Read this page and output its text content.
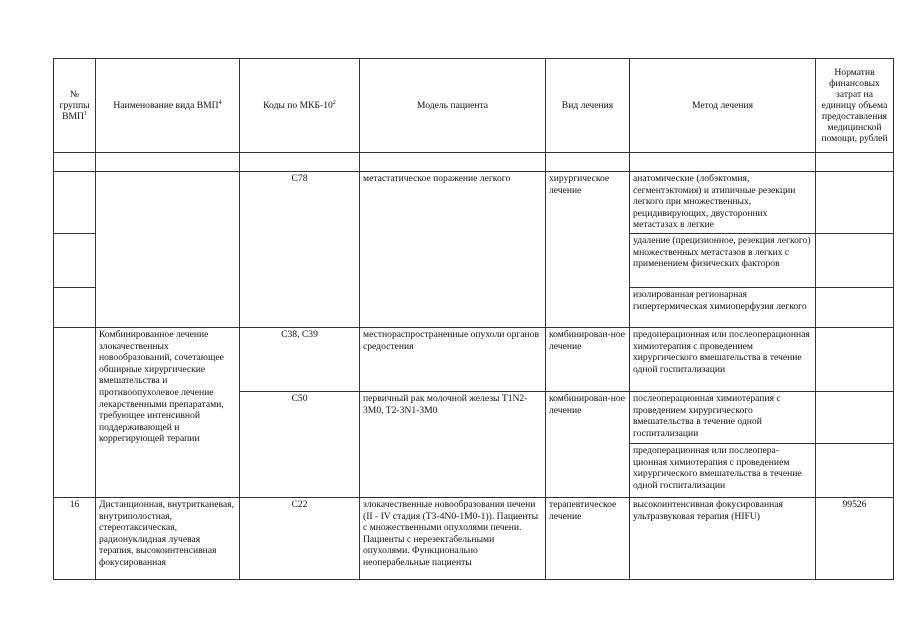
№ группы ВМП$^1$	Наименование вида ВМП$^4$	Коды по МКБ-$10^2$	Модель пациента	Вид лечения	Метод лечения	Норматив финансовых затрат на единицу объема предоставления медицинской помощи, рублей

		C78	метастатическое поражение легкого	хирургическое лечение	анатомические (лобэктомия, сегментэктомия) и атипичные резекции легкого при множественных, рецидивирующих, двусторонних метастазах в легкие	
					удаление (прецизионное, резекция легкого) множественных метастазов в легких с применением физических факторов	
					изолированная регионарная гипертермическая химиоперфузия легкого	
	Комбинированное лечение злокачественных новообразований, сочетающее обширные хирургические вмешательства и противоопухолевое лечение лекарственными препаратами, требующее интенсивной поддерживающей и коррегирующей терапии	C38, C39	местнораспространенные опухоли органов средостения	комбинирован-ное лечение	предоперационная или послеоперационная химиотерапия с проведением хирургического вмешательства в течение одной госпитализации	
		C50	первичный рак молочной железы T1N2-3M0, T2-3N1-3M0	комбинирован-ное лечение	послеоперационная химиотерапия с проведением хирургического вмешательства в течение одной госпитализации	
					предоперационная или послеопера-ционная химиотерапия с проведением хирургического вмешательства в течение одной госпитализации	
16	Дистанционная, внутритканевая, внутриполостная, стереотаксическая, радионуклидная лучевая терапия, высокоинтенсивная фокусированная	C22	злокачественные новообразования печени (II - IV стадия (T3-4N0-1M0-1)). Пациенты с множественными опухолями печени. Пациенты с нерезектабельными опухолями. Функционально неоперабельные пациенты	терапевтическое лечение	высокоинтенсивная фокусированная ультразвуковая терапия (HIFU)	99526
